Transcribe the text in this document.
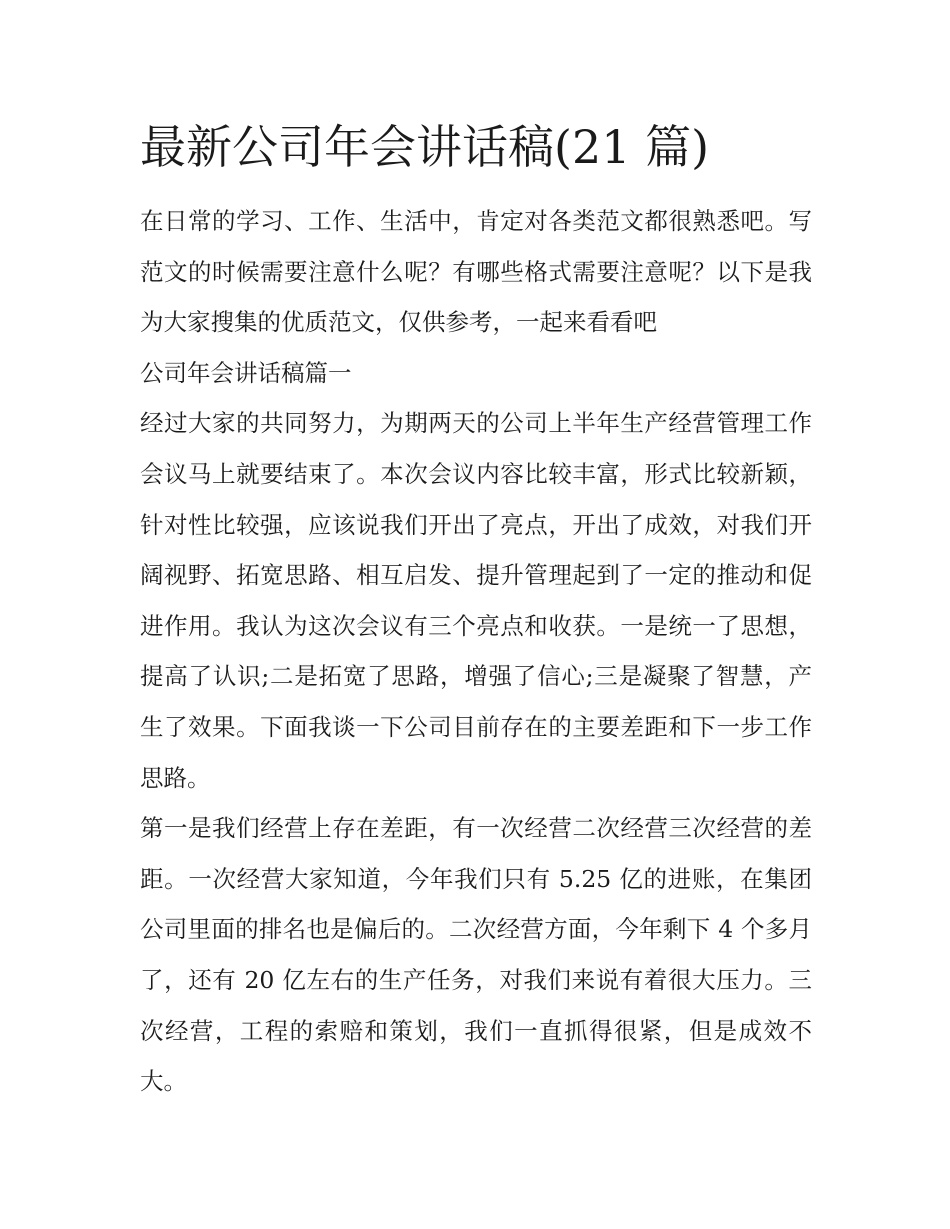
最新公司年会讲话稿(21 篇)

在日常的学习、工作、生活中，肯定对各类范文都很熟悉吧。写范文的时候需要注意什么呢？有哪些格式需要注意呢？以下是我为大家搜集的优质范文，仅供参考，一起来看看吧

公司年会讲话稿篇一

经过大家的共同努力，为期两天的公司上半年生产经营管理工作会议马上就要结束了。本次会议内容比较丰富，形式比较新颖，针对性比较强，应该说我们开出了亮点，开出了成效，对我们开阔视野、拓宽思路、相互启发、提升管理起到了一定的推动和促进作用。我认为这次会议有三个亮点和收获。一是统一了思想，提高了认识;二是拓宽了思路，增强了信心;三是凝聚了智慧，产生了效果。下面我谈一下公司目前存在的主要差距和下一步工作思路。

第一是我们经营上存在差距，有一次经营二次经营三次经营的差距。一次经营大家知道，今年我们只有 5.25 亿的进账，在集团公司里面的排名也是偏后的。二次经营方面，今年剩下 4 个多月了，还有 20 亿左右的生产任务，对我们来说有着很大压力。三次经营，工程的索赔和策划，我们一直抓得很紧，但是成效不大。
